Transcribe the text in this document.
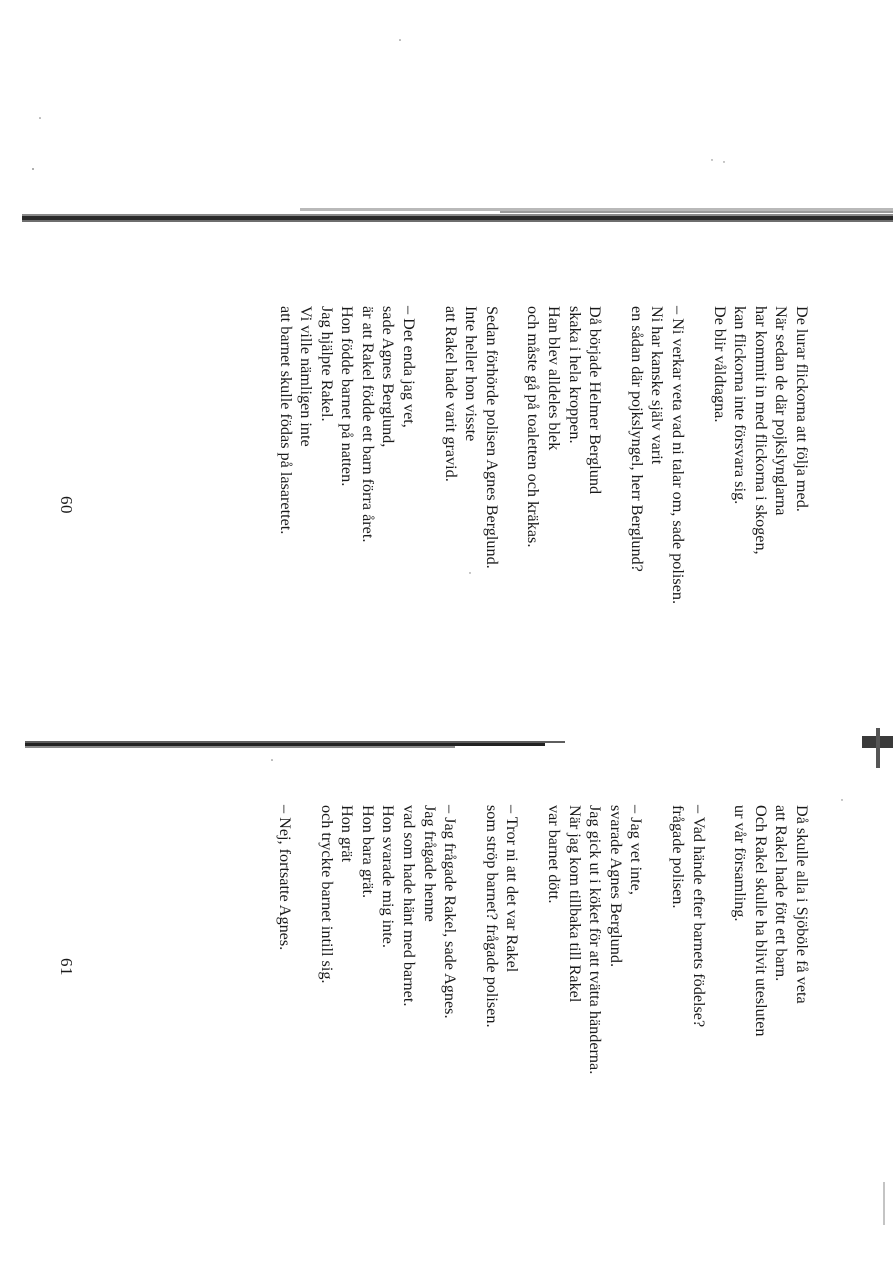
De lurar flickorna att följa med.
När sedan de där pojkslynglarna
har kommit in med flickorna i skogen,
kan flickorna inte försvara sig.
De blir våldtagna.
– Ni verkar veta vad ni talar om, sade polisen.
Ni har kanske själv varit
en sådan där pojkslyngel, herr Berglund?
Då började Helmer Berglund
skaka i hela kroppen.
Han blev alldeles blek
och måste gå på toaletten och kräkas.
Sedan förhörde polisen Agnes Berglund.
Inte heller hon visste
att Rakel hade varit gravid.
– Det enda jag vet,
sade Agnes Berglund,
är att Rakel födde ett barn förra året.
Hon födde barnet på natten.
Jag hjälpte Rakel.
Vi ville nämligen inte
att barnet skulle födas på lasarettet.
60
Då skulle alla i Sjöböle få veta
att Rakel hade fött ett barn.
Och Rakel skulle ha blivit utesluten
ur vår församling.
– Vad hände efter barnets födelse?
frågade polisen.
– Jag vet inte,
svarade Agnes Berglund.
Jag gick ut i köket för att tvätta händerna.
När jag kom tillbaka till Rakel
var barnet dött.
– Tror ni att det var Rakel
som ströp barnet? frågade polisen.
– Jag frågade Rakel, sade Agnes.
Jag frågade henne
vad som hade hänt med barnet.
Hon svarade mig inte.
Hon bara grät.
Hon grät
och tryckte barnet intill sig.
– Nej, fortsatte Agnes.
61
